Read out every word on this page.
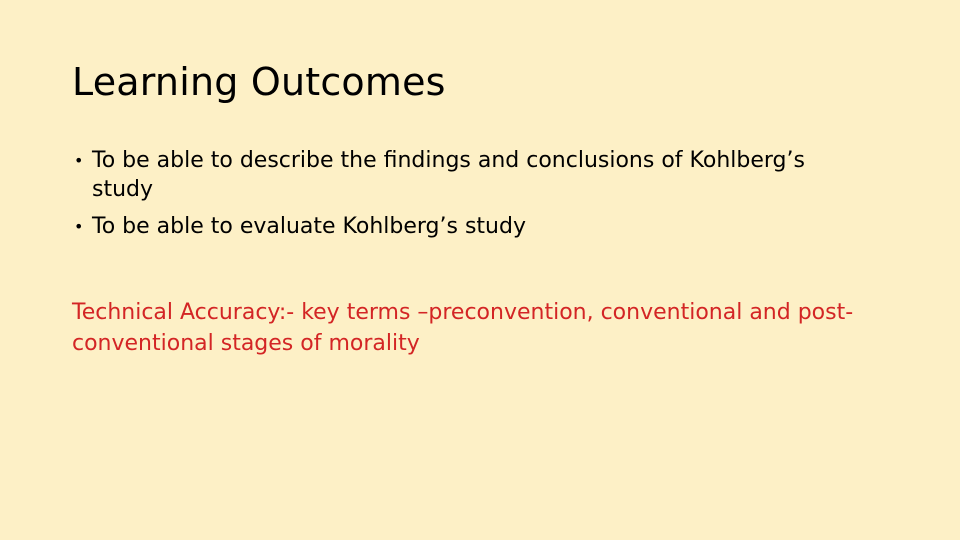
Learning Outcomes
• To be able to describe the findings and conclusions of Kohlberg’s study
• To be able to evaluate Kohlberg’s study

Technical Accuracy:- key terms –preconvention, conventional and post-conventional stages of morality
